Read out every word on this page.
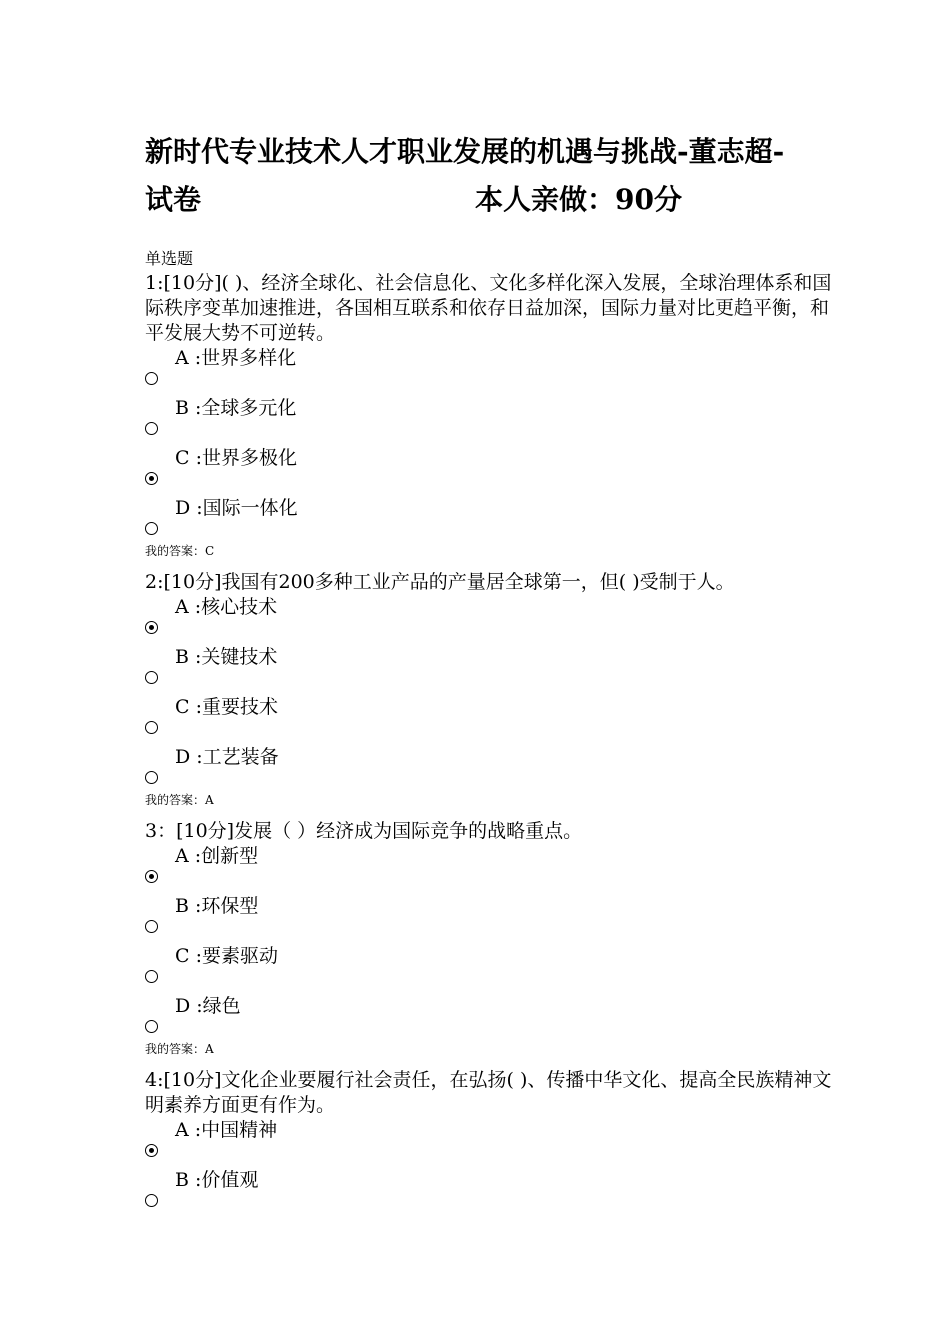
新时代专业技术人才职业发展的机遇与挑战-董志超-
试卷	本人亲做：90分
单选题

1:[10分]( )、经济全球化、社会信息化、文化多样化深入发展，全球治理体系和国际秩序变革加速推进，各国相互联系和依存日益加深，国际力量对比更趋平衡，和平发展大势不可逆转。

A :世界多样化
B :全球多元化
C :世界多极化
D :国际一体化
我的答案：C

2:[10分]我国有200多种工业产品的产量居全球第一，但( )受制于人。

A :核心技术
B :关键技术
C :重要技术
D :工艺装备
我的答案：A

3：[10分]发展（ ）经济成为国际竞争的战略重点。

A :创新型
B :环保型
C :要素驱动
D :绿色
我的答案：A

4:[10分]文化企业要履行社会责任，在弘扬( )、传播中华文化、提高全民族精神文明素养方面更有作为。

A :中国精神
B :价值观
